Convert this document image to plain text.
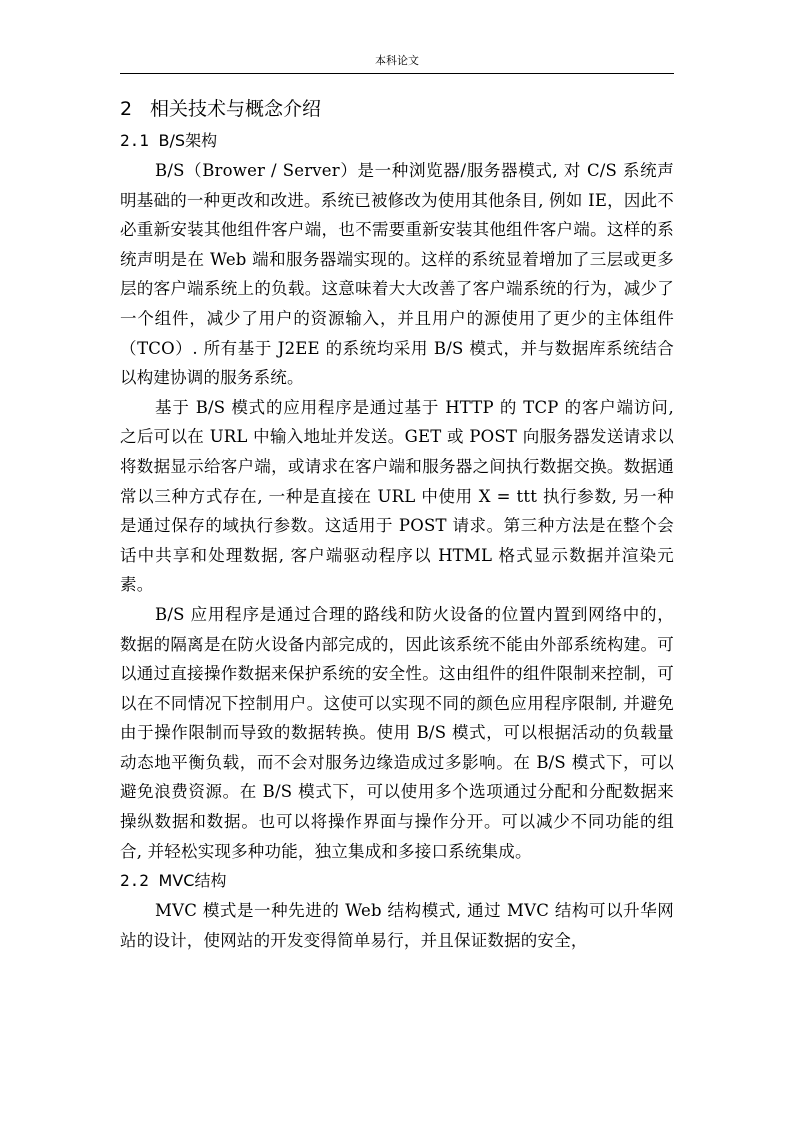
本科论文
2 相关技术与概念介绍
2.1 B/S架构

B/S（Brower / Server）是一种浏览器/服务器模式, 对 C/S 系统声明基础的一种更改和改进。系统已被修改为使用其他条目, 例如 IE，因此不必重新安装其他组件客户端，也不需要重新安装其他组件客户端。这样的系统声明是在 Web 端和服务器端实现的。这样的系统显着增加了三层或更多层的客户端系统上的负载。这意味着大大改善了客户端系统的行为，减少了一个组件，减少了用户的资源输入，并且用户的源使用了更少的主体组件（TCO）. 所有基于 J2EE 的系统均采用 B/S 模式，并与数据库系统结合以构建协调的服务系统。

基于 B/S 模式的应用程序是通过基于 HTTP 的 TCP 的客户端访问, 之后可以在 URL 中输入地址并发送。GET 或 POST 向服务器发送请求以将数据显示给客户端，或请求在客户端和服务器之间执行数据交换。数据通常以三种方式存在, 一种是直接在 URL 中使用 X = ttt 执行参数, 另一种是通过保存的域执行参数。这适用于 POST 请求。第三种方法是在整个会话中共享和处理数据, 客户端驱动程序以 HTML 格式显示数据并渲染元素。

B/S 应用程序是通过合理的路线和防火设备的位置内置到网络中的，数据的隔离是在防火设备内部完成的，因此该系统不能由外部系统构建。可以通过直接操作数据来保护系统的安全性。这由组件的组件限制来控制，可以在不同情况下控制用户。这使可以实现不同的颜色应用程序限制, 并避免由于操作限制而导致的数据转换。使用 B/S 模式，可以根据活动的负载量动态地平衡负载，而不会对服务边缘造成过多影响。在 B/S 模式下，可以避免浪费资源。在 B/S 模式下，可以使用多个选项通过分配和分配数据来操纵数据和数据。也可以将操作界面与操作分开。可以减少不同功能的组合, 并轻松实现多种功能，独立集成和多接口系统集成。

2.2 MVC结构

MVC 模式是一种先进的 Web 结构模式, 通过 MVC 结构可以升华网站的设计，使网站的开发变得简单易行，并且保证数据的安全，
